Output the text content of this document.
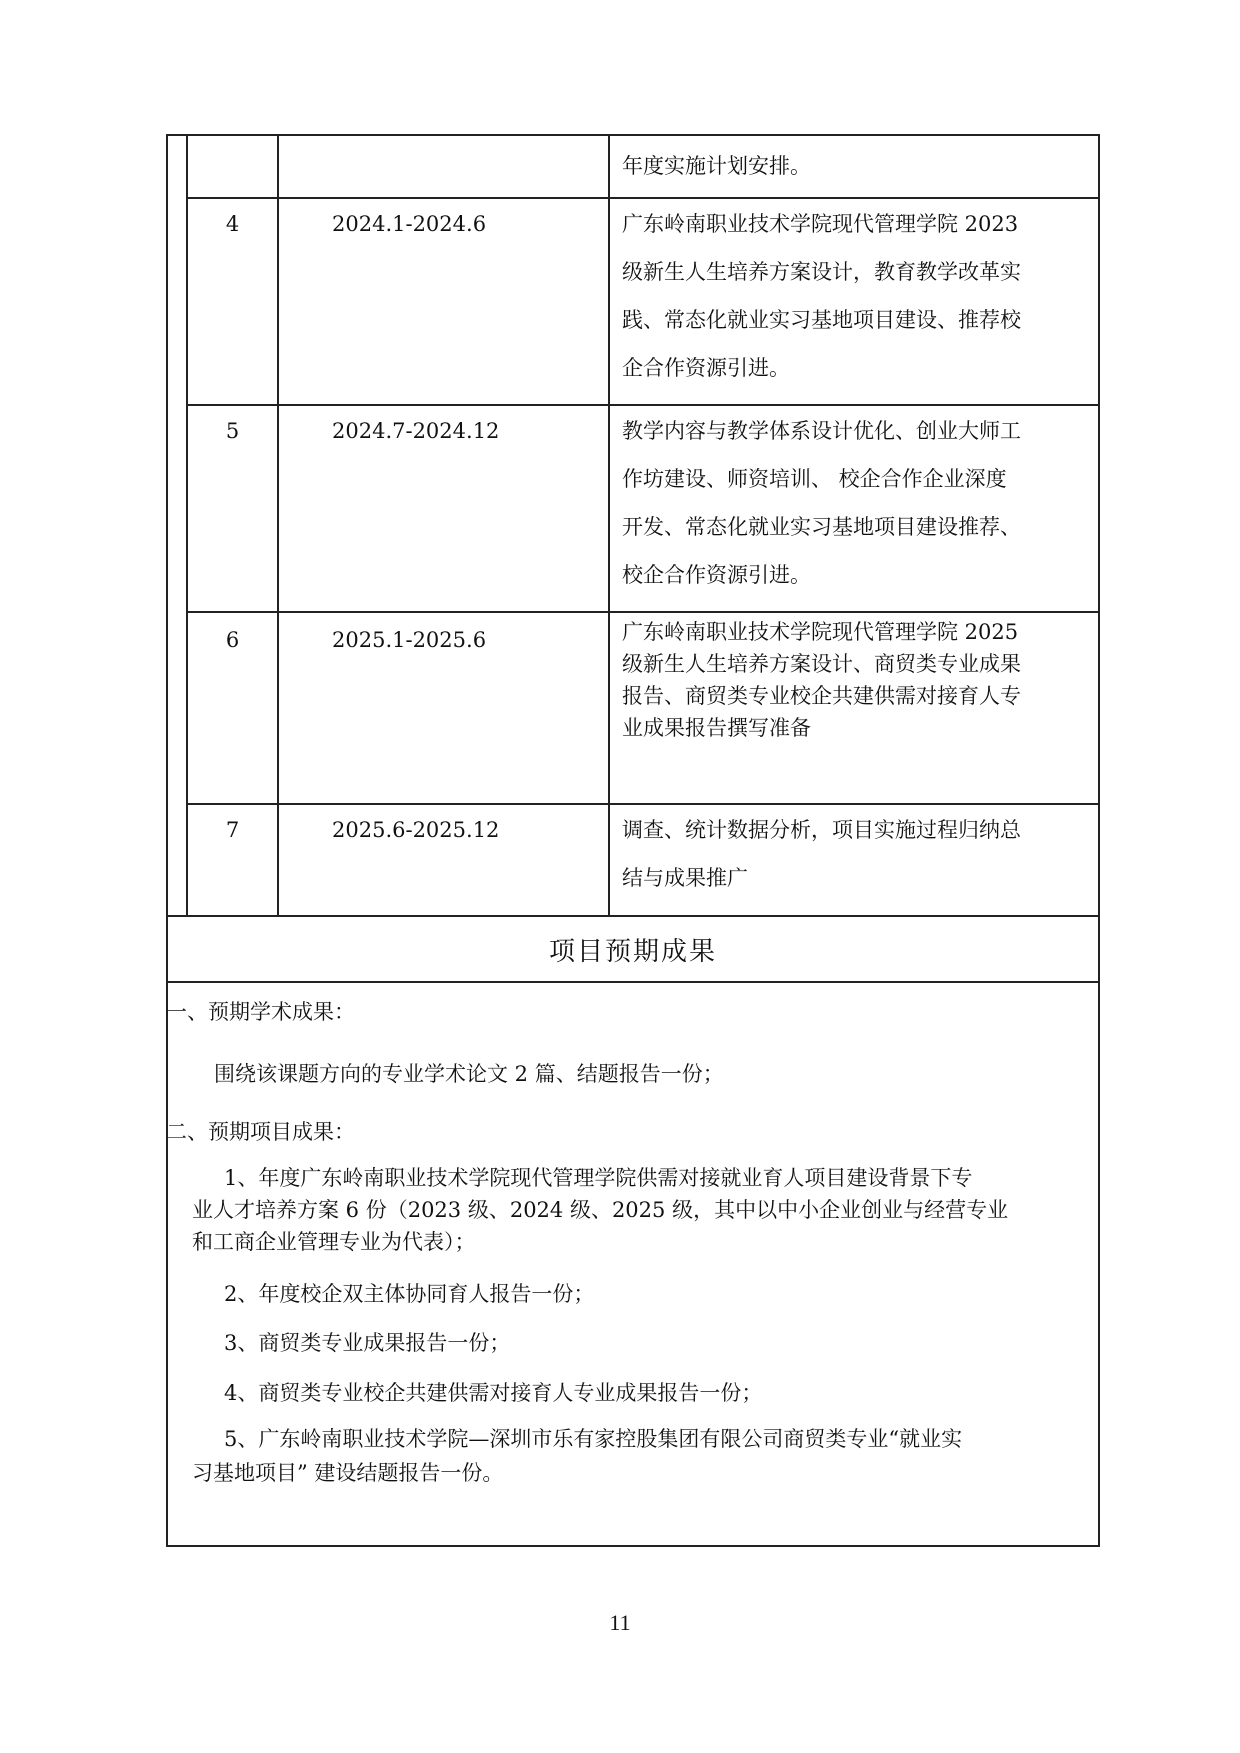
年度实施计划安排。
4	2024.1-2024.6	广东岭南职业技术学院现代管理学院 2023
级新生人生培养方案设计，教育教学改革实
践、常态化就业实习基地项目建设、推荐校
企合作资源引进。
5	2024.7-2024.12	教学内容与教学体系设计优化、创业大师工
作坊建设、师资培训、 校企合作企业深度
开发、常态化就业实习基地项目建设推荐、
校企合作资源引进。
6	2025.1-2025.6	广东岭南职业技术学院现代管理学院 2025
级新生人生培养方案设计、商贸类专业成果
报告、商贸类专业校企共建供需对接育人专
业成果报告撰写准备
7	2025.6-2025.12	调查、统计数据分析，项目实施过程归纳总
结与成果推广
项目预期成果
一、预期学术成果：
围绕该课题方向的专业学术论文 2 篇、结题报告一份；
二、预期项目成果：
1、年度广东岭南职业技术学院现代管理学院供需对接就业育人项目建设背景下专
业人才培养方案 6 份（2023 级、2024 级、2025 级，其中以中小企业创业与经营专业
和工商企业管理专业为代表）；
2、年度校企双主体协同育人报告一份；
3、商贸类专业成果报告一份；
4、商贸类专业校企共建供需对接育人专业成果报告一份；
5、广东岭南职业技术学院—深圳市乐有家控股集团有限公司商贸类专业“就业实
习基地项目” 建设结题报告一份。
11
